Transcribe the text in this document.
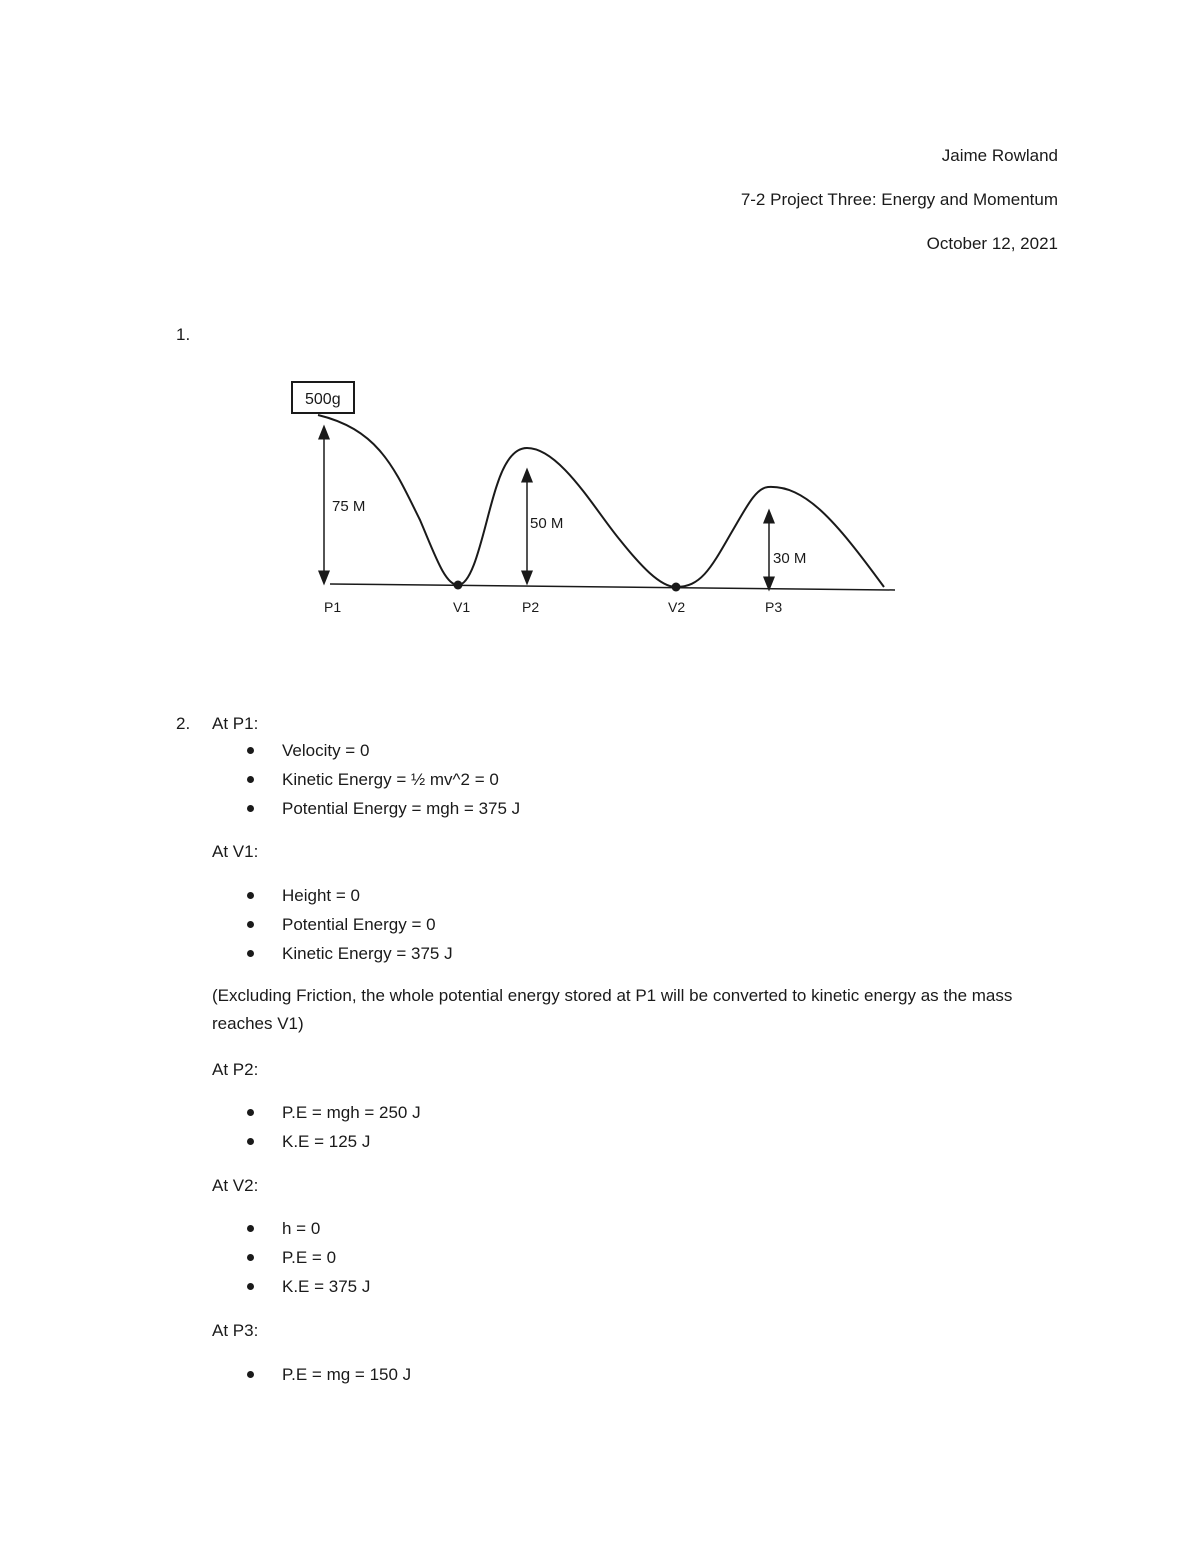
Jaime Rowland
7-2 Project Three: Energy and Momentum
October 12, 2021
1.
500g
75 M
50 M
30 M
P1	V1	P2	V2	P3
2. At P1:
Velocity = 0
Kinetic Energy = ½ mv^2 = 0
Potential Energy = mgh = 375 J
At V1:
Height = 0
Potential Energy = 0
Kinetic Energy = 375 J
(Excluding Friction, the whole potential energy stored at P1 will be converted to kinetic energy as the mass reaches V1)
At P2:
P.E = mgh = 250 J
K.E = 125 J
At V2:
h = 0
P.E = 0
K.E = 375 J
At P3:
P.E = mg = 150 J
